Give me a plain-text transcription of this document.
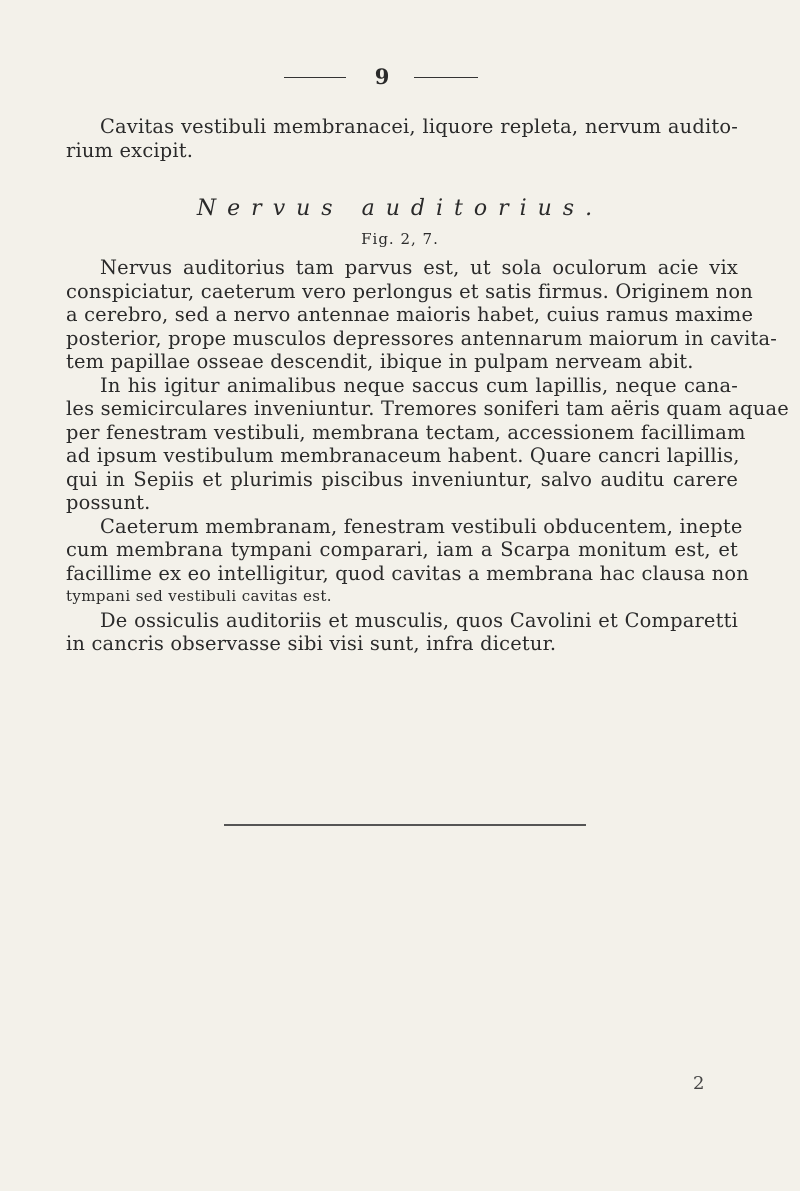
9
Cavitas vestibuli membranacei, liquore repleta, nervum audito-
rium excipit.
Nervus auditorius.
Fig. 2, 7.
Nervus auditorius tam parvus est, ut sola oculorum acie vix
conspiciatur, caeterum vero perlongus et satis firmus. Originem non
a cerebro, sed a nervo antennae maioris habet, cuius ramus maxime
posterior, prope musculos depressores antennarum maiorum in cavita-
tem papillae osseae descendit, ibique in pulpam nerveam abit.
In his igitur animalibus neque saccus cum lapillis, neque cana-
les semicirculares inveniuntur. Tremores soniferi tam aëris quam aquae
per fenestram vestibuli, membrana tectam, accessionem facillimam
ad ipsum vestibulum membranaceum habent. Quare cancri lapillis,
qui in Sepiis et plurimis piscibus inveniuntur, salvo auditu carere
possunt.
Caeterum membranam, fenestram vestibuli obducentem, inepte
cum membrana tympani comparari, iam a Scarpa monitum est, et
facillime ex eo intelligitur, quod cavitas a membrana hac clausa non
tympani sed vestibuli cavitas est.
De ossiculis auditoriis et musculis, quos Cavolini et Comparetti
in cancris observasse sibi visi sunt, infra dicetur.
2
